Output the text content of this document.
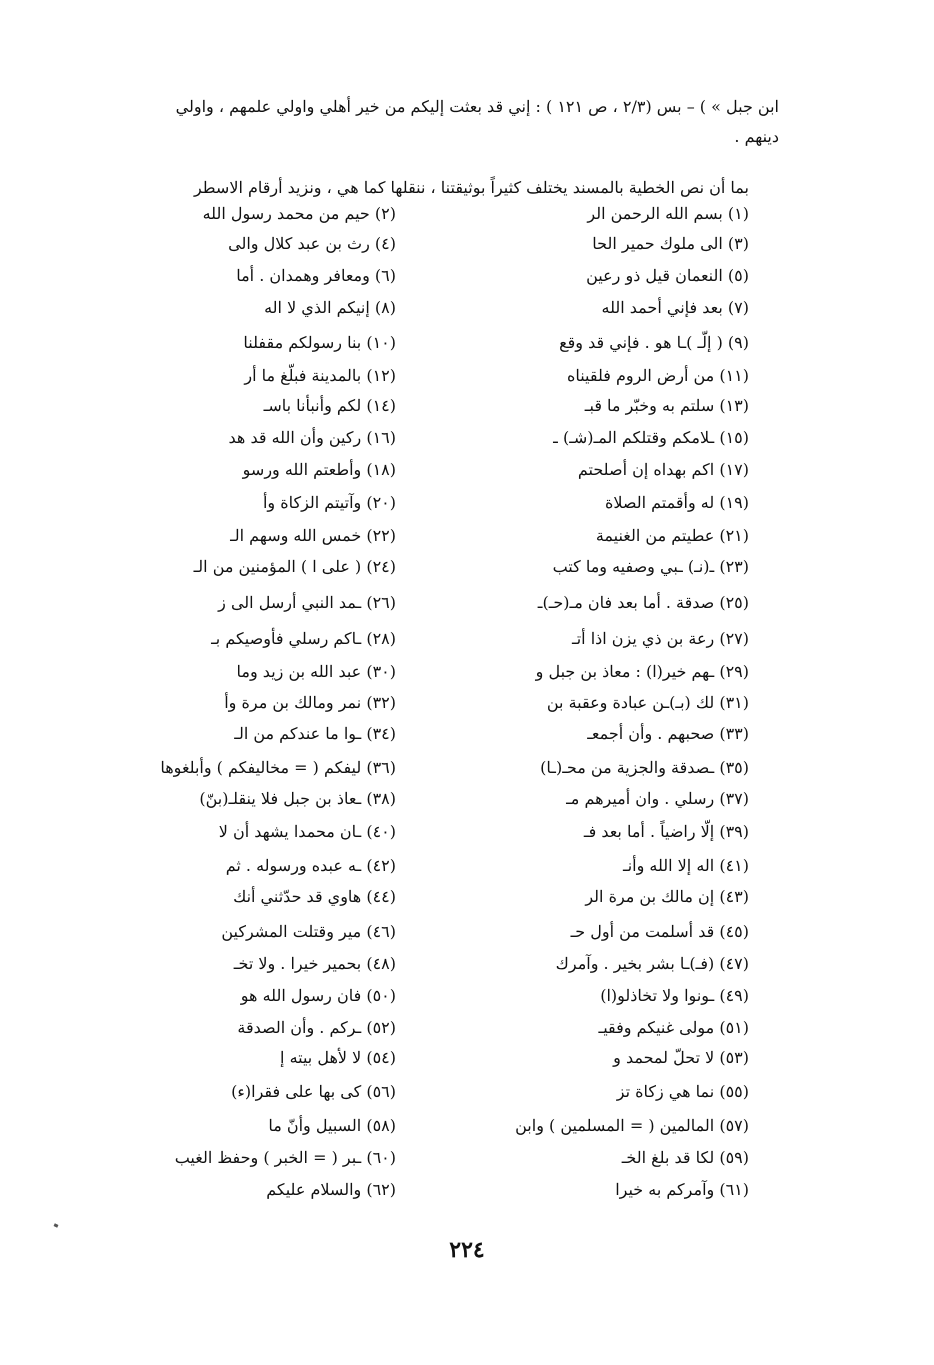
ابن جبل » ) – بس (٢/٣ ، ص ١٢١ ) : إني قد بعثت إليكم من خير أهلي واولي علمهم ، واولي

دينهم .

بما أن نص الخطية بالمسند يختلف كثيراً بوثيقتنا ، ننقلها كما هي ، ونزيد أرقام الاسطر
(١) بسم الله الرحمن الر
(٢) حيم من محمد رسول الله
(٣) الى ملوك حمير الحا
(٤) رث بن عبد كلال والى
(٥) النعمان قيل ذو رعين
(٦) ومعافر وهمدان . أما
(٧) بعد فإني أحمد الله
(٨) إنيكم الذي لا اله
(٩) ( إلّـ )ـا هو . فإني قد وقع
(١٠) بنا رسولكم مقفلنا
(١١) من أرض الروم فلقيناه
(١٢) بالمدينة فبلّغ ما أر
(١٣) سلتم به وخبّر ما قبـ
(١٤) لكم وأنبأنا باسـ
(١٥) ـلامكم وقتلكم المـ(شـ) ـ
(١٦) ركين وأن الله قد هد
(١٧) اكم بهداه إن أصلحتم
(١٨) وأطعتم الله ورسو
(١٩) له وأقمتم الصلاة
(٢٠) وآتيتم الزكاة وأ
(٢١) عطيتم من الغنيمة
(٢٢) خمس الله وسهم الـ
(٢٣) ـ(نـ) ـبي وصفيه وما كتب
(٢٤) ( على ا ) المؤمنين من الـ
(٢٥) صدقة . أما بعد فان مـ(حـ)ـ
(٢٦) ـمد النبي أرسل الى ز
(٢٧) رعة بن ذي يزن اذا أتـ
(٢٨) ـاكم رسلي فأوصيكم بـ
(٢٩) ـهم خير(ا) : معاذ بن جبل و
(٣٠) عبد الله بن زيد وما
(٣١) لك (بـ)ـن عبادة وعقبة بن
(٣٢) نمر ومالك بن مرة وأ
(٣٣) صحبهم . وأن أجمعـ
(٣٤) ـوا ما عندكم من الـ
(٣٥) ـصدقة والجزية من محـ(ـا)
(٣٦) ليفكم ( = مخاليفكم ) وأبلغوها
(٣٧) رسلي . وان أميرهم مـ
(٣٨) ـعاذ بن جبل فلا ينقلـ(بنّ)
(٣٩) إلّا راضياً . أما بعد فـ
(٤٠) ـان محمدا يشهد أن لا
(٤١) اله إلا الله وأنـ
(٤٢) ـه عبده ورسوله . ثم
(٤٣) إن مالك بن مرة الر
(٤٤) هاوي قد حدّثني أنك
(٤٥) قد أسلمت من أول حـ
(٤٦) مير وقتلت المشركين
(٤٧) (فـ)ـا بشر بخير . وآمرك
(٤٨) بحمير خيرا . ولا تخـ
(٤٩) ـونوا ولا تخاذلو(ا)
(٥٠) فان رسول الله هو
(٥١) مولى غنيكم وفقيـ
(٥٢) ـركم . وأن الصدقة
(٥٣) لا تحلّ لمحمد و
(٥٤) لا لأهل بيته إ
(٥٥) نما هي زكاة تز
(٥٦) كى بها على فقرا(ء)
(٥٧) المالمين ( = المسلمين ) وابن
(٥٨) السبيل وأنّ ما
(٥٩) لكا قد بلغ الخـ
(٦٠) ـبر ( = الخبر ) وحفظ الغيب
(٦١) وآمركم به خيرا
(٦٢) والسلام عليكم
٢٢٤
